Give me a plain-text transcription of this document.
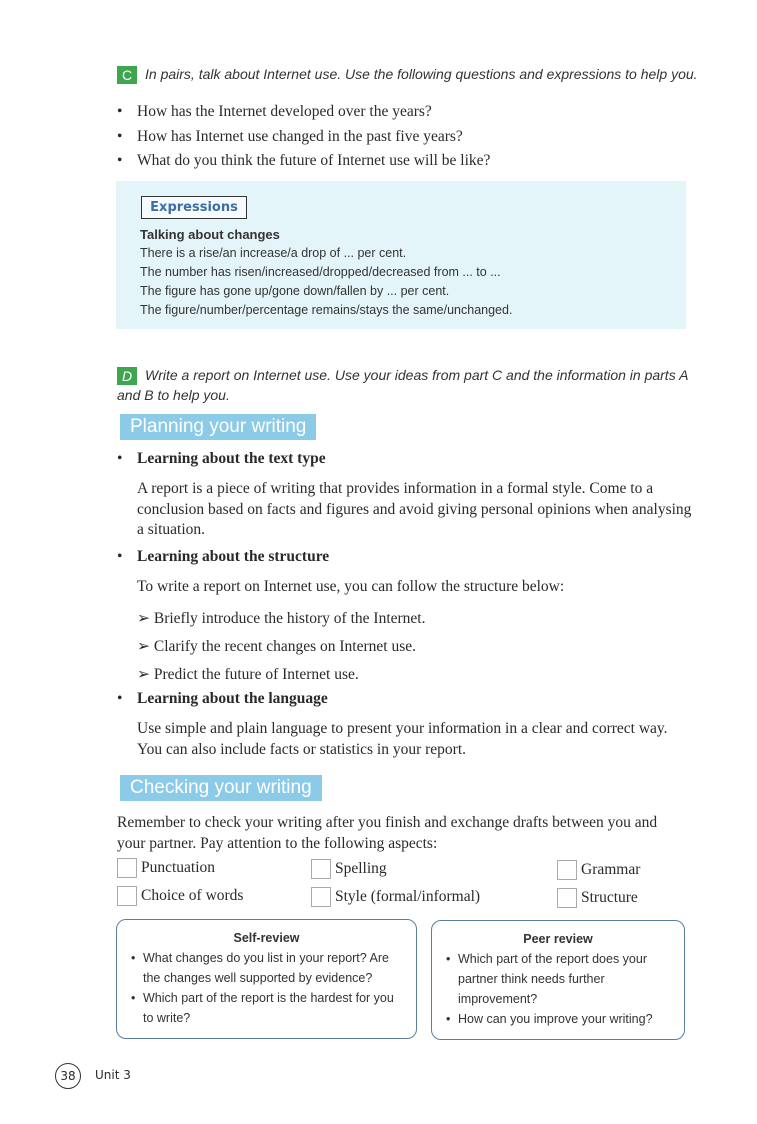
C In pairs, talk about Internet use. Use the following questions and expressions to help you.
• How has the Internet developed over the years?
• How has Internet use changed in the past five years?
• What do you think the future of Internet use will be like?
Expressions
Talking about changes
There is a rise/an increase/a drop of ... per cent.
The number has risen/increased/dropped/decreased from ... to ...
The figure has gone up/gone down/fallen by ... per cent.
The figure/number/percentage remains/stays the same/unchanged.
D Write a report on Internet use. Use your ideas from part C and the information in parts A
and B to help you.
Planning your writing
• Learning about the text type
A report is a piece of writing that provides information in a formal style. Come to a conclusion based on facts and figures and avoid giving personal opinions when analysing a situation.
• Learning about the structure
To write a report on Internet use, you can follow the structure below:
➢ Briefly introduce the history of the Internet.
➢ Clarify the recent changes on Internet use.
➢ Predict the future of Internet use.
• Learning about the language
Use simple and plain language to present your information in a clear and correct way. You can also include facts or statistics in your report.
Checking your writing
Remember to check your writing after you finish and exchange drafts between you and your partner. Pay attention to the following aspects:
Punctuation	Spelling	Grammar
Choice of words	Style (formal/informal)	Structure
Self-review
• What changes do you list in your report? Are the changes well supported by evidence?
• Which part of the report is the hardest for you to write?
Peer review
• Which part of the report does your partner think needs further improvement?
• How can you improve your writing?
38	Unit 3
